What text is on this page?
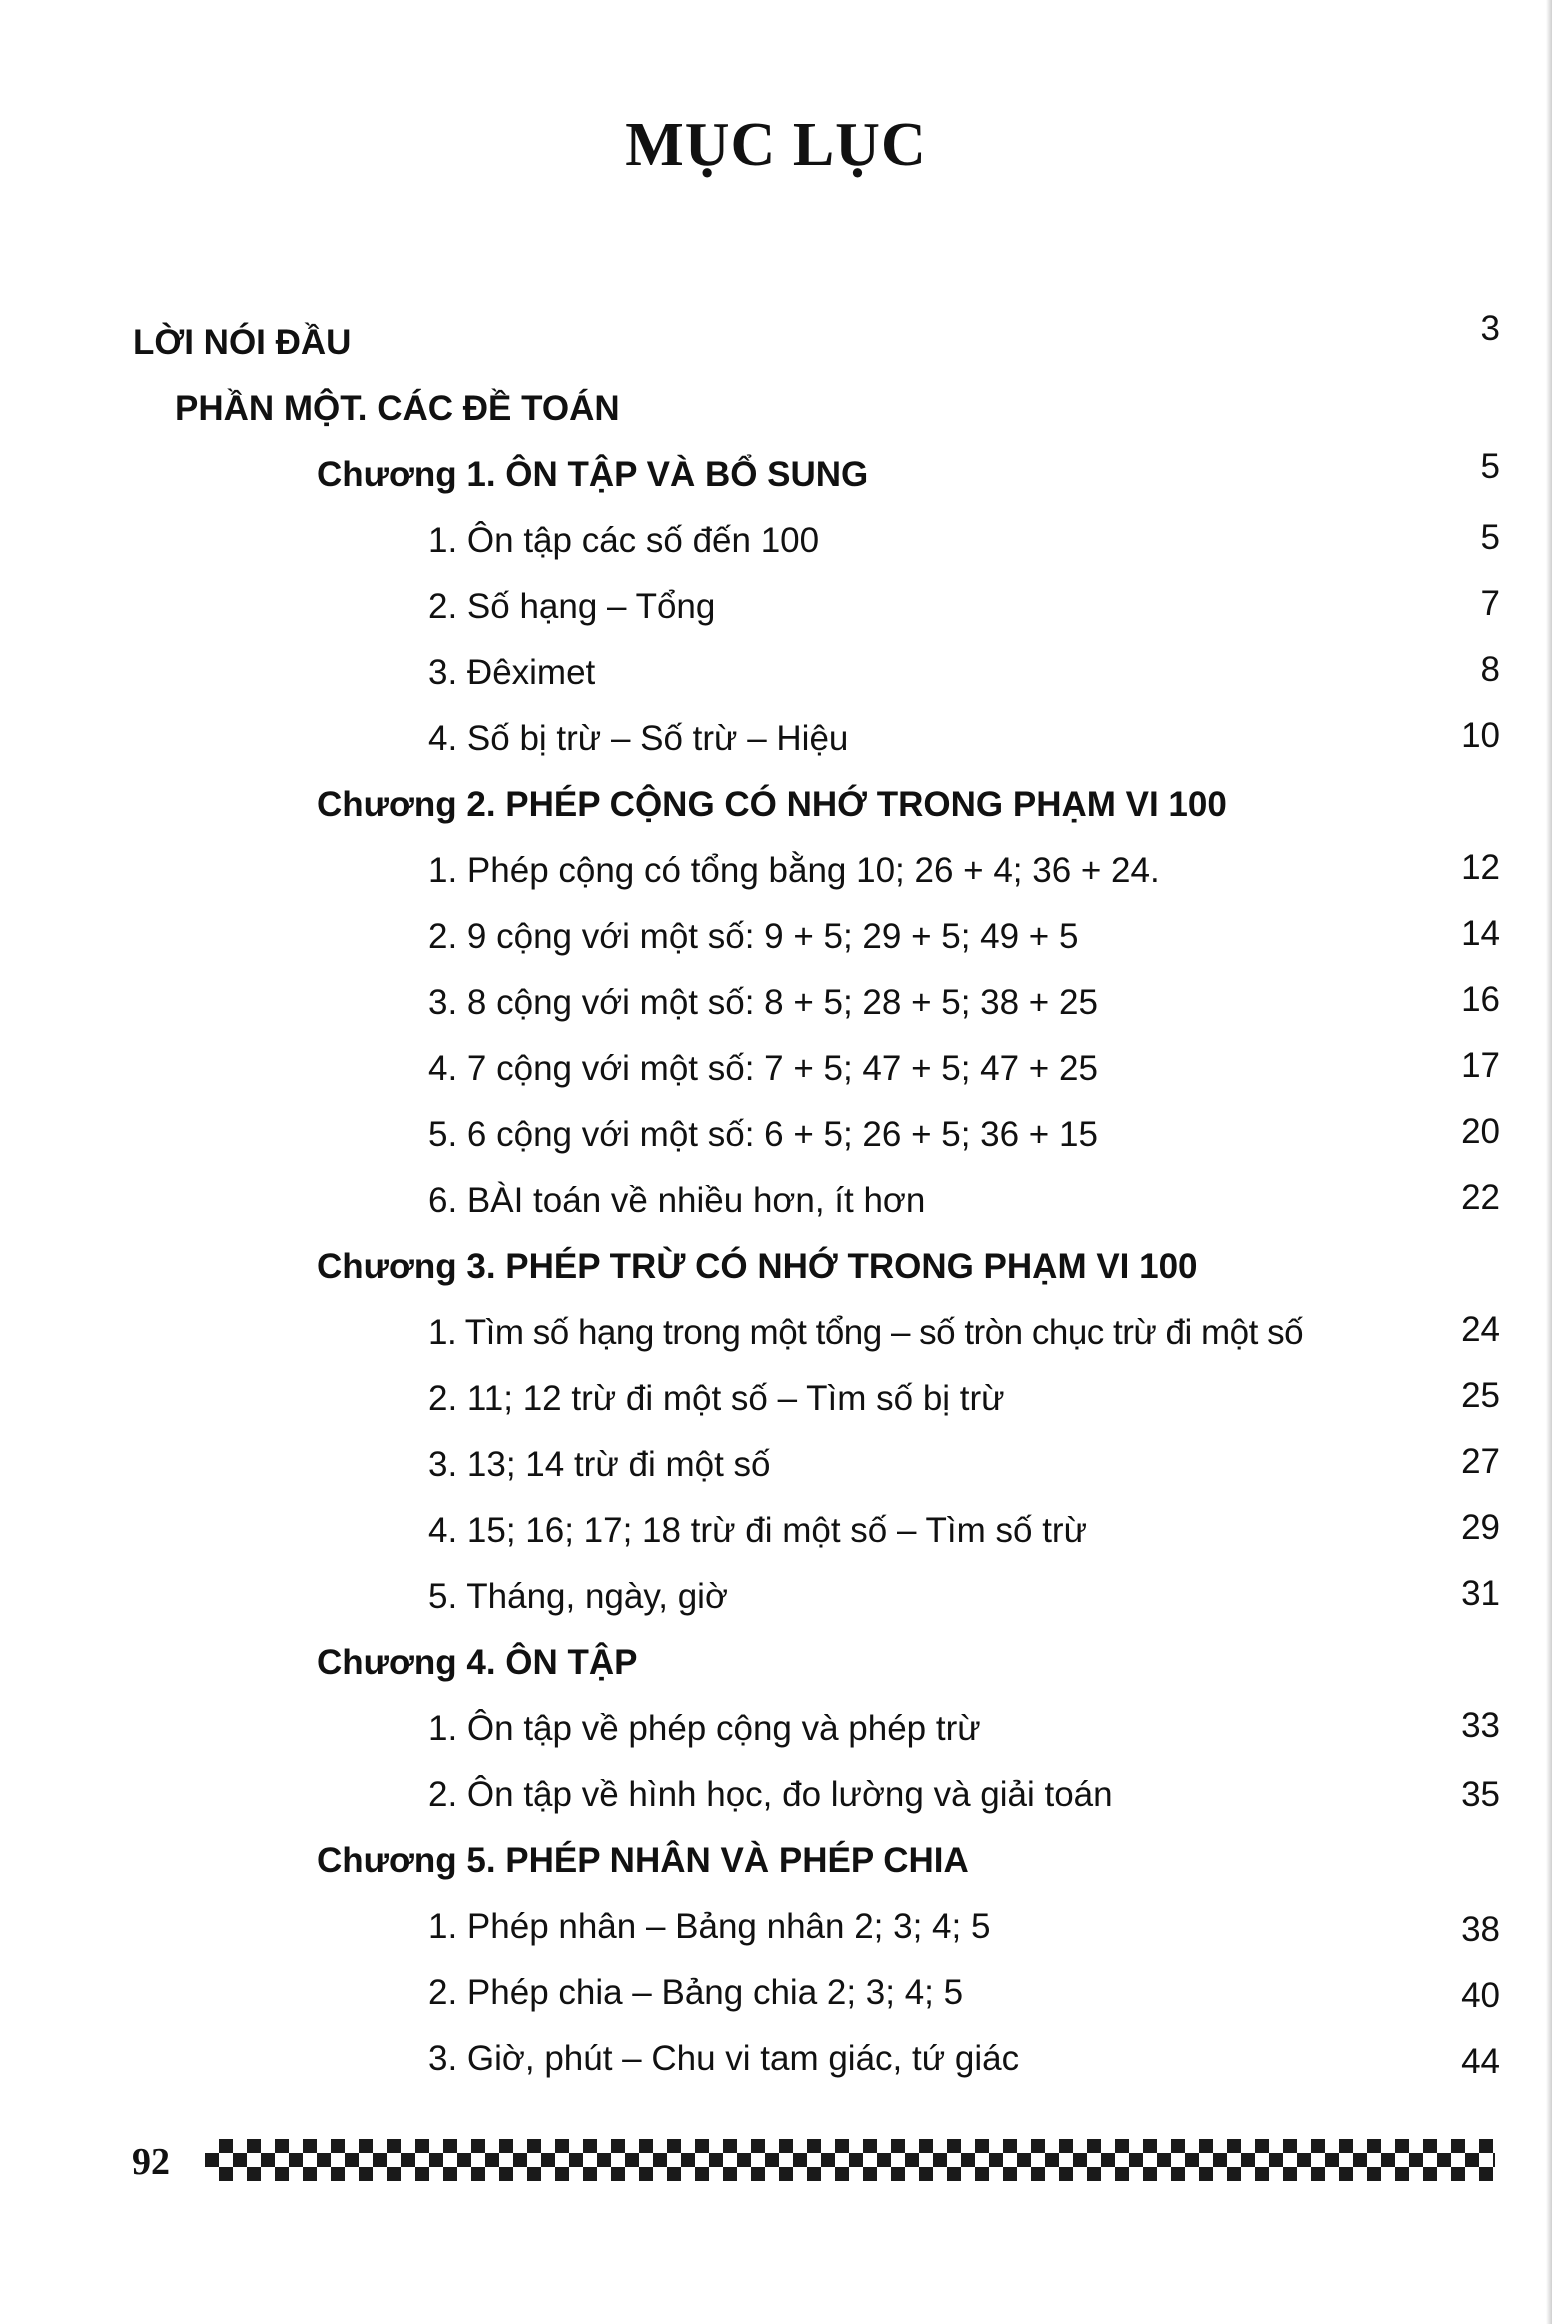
MỤC LỤC
LỜI NÓI ĐẦU	3
PHẦN MỘT. CÁC ĐỀ TOÁN
Chương 1. ÔN TẬP VÀ BỔ SUNG	5
1. Ôn tập các số đến 100	5
2. Số hạng – Tổng	7
3. Đêximet	8
4. Số bị trừ – Số trừ – Hiệu	10
Chương 2. PHÉP CỘNG CÓ NHỚ TRONG PHẠM VI 100
1. Phép cộng có tổng bằng 10; 26 + 4; 36 + 24.	12
2. 9 cộng với một số: 9 + 5; 29 + 5; 49 + 5	14
3. 8 cộng với một số: 8 + 5; 28 + 5; 38 + 25	16
4. 7 cộng với một số: 7 + 5; 47 + 5; 47 + 25	17
5. 6 cộng với một số: 6 + 5; 26 + 5; 36 + 15	20
6. BÀI toán về nhiều hơn, ít hơn	22
Chương 3. PHÉP TRỪ CÓ NHỚ TRONG PHẠM VI 100
1. Tìm số hạng trong một tổng – số tròn chục trừ đi một số	24
2. 11; 12 trừ đi một số – Tìm số bị trừ	25
3. 13; 14 trừ đi một số	27
4. 15; 16; 17; 18 trừ đi một số – Tìm số trừ	29
5. Tháng, ngày, giờ	31
Chương 4. ÔN TẬP
1. Ôn tập về phép cộng và phép trừ	33
2. Ôn tập về hình học, đo lường và giải toán	35
Chương 5. PHÉP NHÂN VÀ PHÉP CHIA
1. Phép nhân – Bảng nhân 2; 3; 4; 5	38
2. Phép chia – Bảng chia 2; 3; 4; 5	40
3. Giờ, phút – Chu vi tam giác, tứ giác	44
92
